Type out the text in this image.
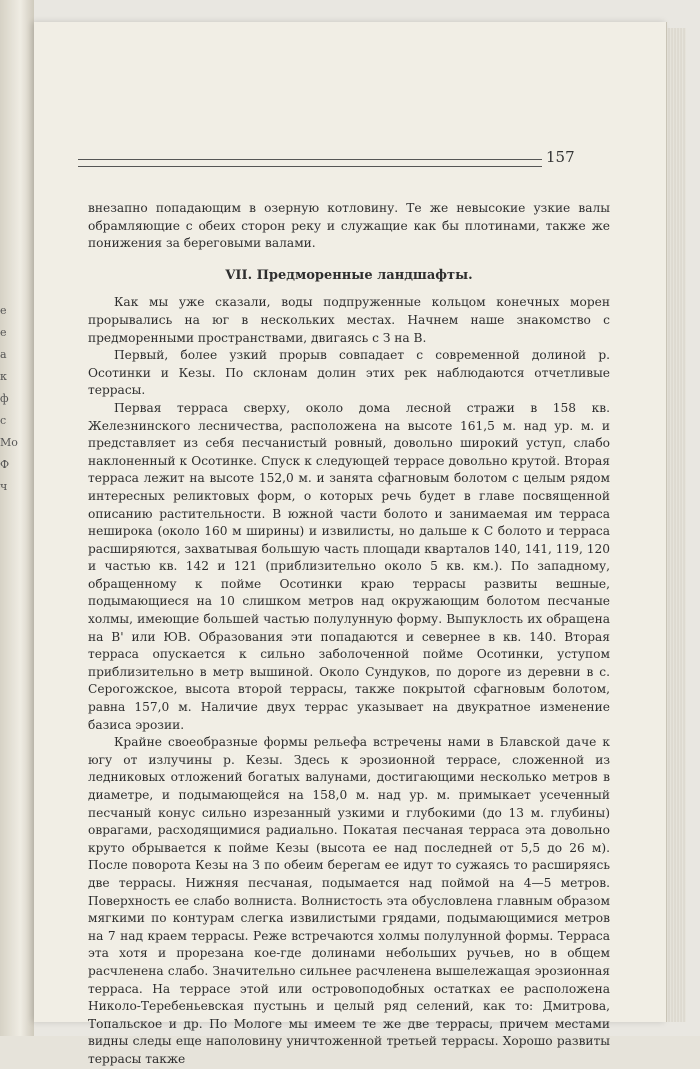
е
е
а
к
ф
с
Мо
Ф
ч
157

внезапно попадающим в озерную котловину. Те же невысокие узкие валы обрамляющие с обеих сторон реку и служащие как бы плотинами, также же понижения за береговыми валами.

VII. Предморенные ландшафты.

Как мы уже сказали, воды подпруженные кольцом конечных морен прорывались на юг в нескольких местах. Начнем наше знакомство с предморенными пространствами, двигаясь с З на В.

Первый, более узкий прорыв совпадает с современной долиной р. Осотинки и Кезы. По склонам долин этих рек наблюдаются отчетливые террасы.

Первая терраса сверху, около дома лесной стражи в 158 кв. Железнинского лесничества, расположена на высоте 161,5 м. над ур. м. и представляет из себя песчанистый ровный, довольно широкий уступ, слабо наклоненный к Осотинке. Спуск к следующей террасе довольно крутой. Вторая терраса лежит на высоте 152,0 м. и занята сфагновым болотом с целым рядом интересных реликтовых форм, о которых речь будет в главе посвященной описанию растительности. В южной части болото и занимаемая им терраса неширока (около 160 м ширины) и извилисты, но дальше к С болото и терраса расширяются, захватывая большую часть площади кварталов 140, 141, 119, 120 и частью кв. 142 и 121 (приблизительно около 5 кв. км.). По западному, обращенному к пойме Осотинки краю террасы развиты вешные, подымающиеся на 10 слишком метров над окружающим болотом песчаные холмы, имеющие большей частью полулунную форму. Выпуклость их обращена на В' или ЮВ. Образования эти попадаются и севернее в кв. 140. Вторая терраса опускается к сильно заболоченной пойме Осотинки, уступом приблизительно в метр вышиной. Около Сундуков, по дороге из деревни в с. Серогожское, высота второй террасы, также покрытой сфагновым болотом, равна 157,0 м. Наличие двух террас указывает на двукратное изменение базиса эрозии.

Крайне своеобразные формы рельефа встречены нами в Блавской даче к югу от излучины р. Кезы. Здесь к эрозионной террасе, сложенной из ледниковых отложений богатых валунами, достигающими несколько метров в диаметре, и подымающейся на 158,0 м. над ур. м. примыкает усеченный песчаный конус сильно изрезанный узкими и глубокими (до 13 м. глубины) оврагами, расходящимися радиально. Покатая песчаная терраса эта довольно круто обрывается к пойме Кезы (высота ее над последней от 5,5 до 26 м). После поворота Кезы на З по обеим берегам ее идут то сужаясь то расширяясь две террасы. Нижняя песчаная, подымается над поймой на 4—5 метров. Поверхность ее слабо волниста. Волнистость эта обусловлена главным образом мягкими по контурам слегка извилистыми грядами, подымающимися метров на 7 над краем террасы. Реже встречаются холмы полулунной формы. Терраса эта хотя и прорезана кое-где долинами небольших ручьев, но в общем расчленена слабо. Значительно сильнее расчленена вышележащая эрозионная терраса. На террасе этой или островоподобных остатках ее расположена Николо-Теребеньевская пустынь и целый ряд селений, как то: Дмитрова, Топальское и др. По Мологе мы имеем те же две террасы, причем местами видны следы еще наполовину уничтоженной третьей террасы. Хорошо развиты террасы также
